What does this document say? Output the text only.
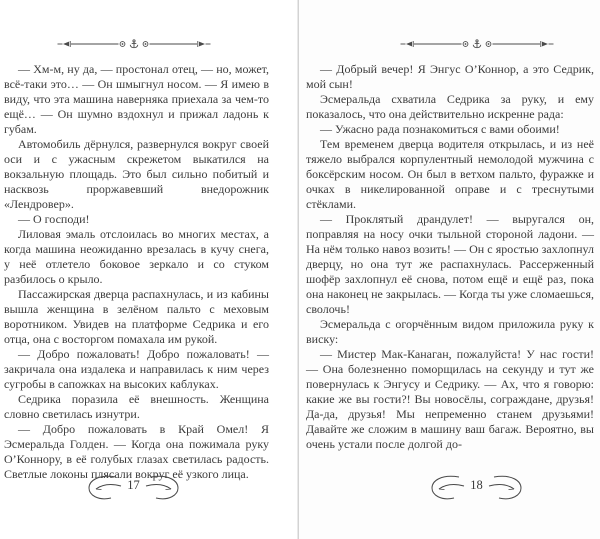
— Хм-м, ну да, — простонал отец, — но, может, всё-таки это… — Он шмыгнул носом. — Я имею в виду, что эта машина наверняка приехала за чем-то ещё… — Он шумно вздохнул и прижал ладонь к губам.

Автомобиль дёрнулся, развернулся вокруг своей оси и с ужасным скрежетом выкатился на вокзальную площадь. Это был сильно побитый и насквозь проржавевший внедорожник «Лендровер».

— О господи!

Лиловая эмаль отслоилась во многих местах, а когда машина неожиданно врезалась в кучу снега, у неё отлетело боковое зеркало и со стуком разбилось о крыло.

Пассажирская дверца распахнулась, и из кабины вышла женщина в зелёном пальто с меховым воротником. Увидев на платформе Седрика и его отца, она с восторгом помахала им рукой.

— Добро пожаловать! Добро пожаловать! — закричала она издалека и направилась к ним через сугробы в сапожках на высоких каблуках.

Седрика поразила её внешность. Женщина словно светилась изнутри.

— Добро пожаловать в Край Омел! Я Эсмеральда Голден. — Когда она пожимала руку О’Коннору, в её голубых глазах светилась радость. Светлые локоны плясали вокруг её узкого лица.

17

— Добрый вечер! Я Энгус О’Коннор, а это Седрик, мой сын!

Эсмеральда схватила Седрика за руку, и ему показалось, что она действительно искренне рада:

— Ужасно рада познакомиться с вами обоими!

Тем временем дверца водителя открылась, и из неё тяжело выбрался корпулентный немолодой мужчина с боксёрским носом. Он был в ветхом пальто, фуражке и очках в никелированной оправе и с треснутыми стёклами.

— Проклятый драндулет! — выругался он, поправляя на носу очки тыльной стороной ладони. — На нём только навоз возить! — Он с яростью захлопнул дверцу, но она тут же распахнулась. Рассерженный шофёр захлопнул её снова, потом ещё и ещё раз, пока она наконец не закрылась. — Когда ты уже сломаешься, сволочь!

Эсмеральда с огорчённым видом приложила руку к виску:

— Мистер Мак-Канаган, пожалуйста! У нас гости! — Она болезненно поморщилась на секунду и тут же повернулась к Энгусу и Седрику. — Ах, что я говорю: какие же вы гости?! Вы новосёлы, сограждане, друзья! Да-да, друзья! Мы непременно станем друзьями! Давайте же сложим в машину ваш багаж. Вероятно, вы очень устали после долгой до-

18
